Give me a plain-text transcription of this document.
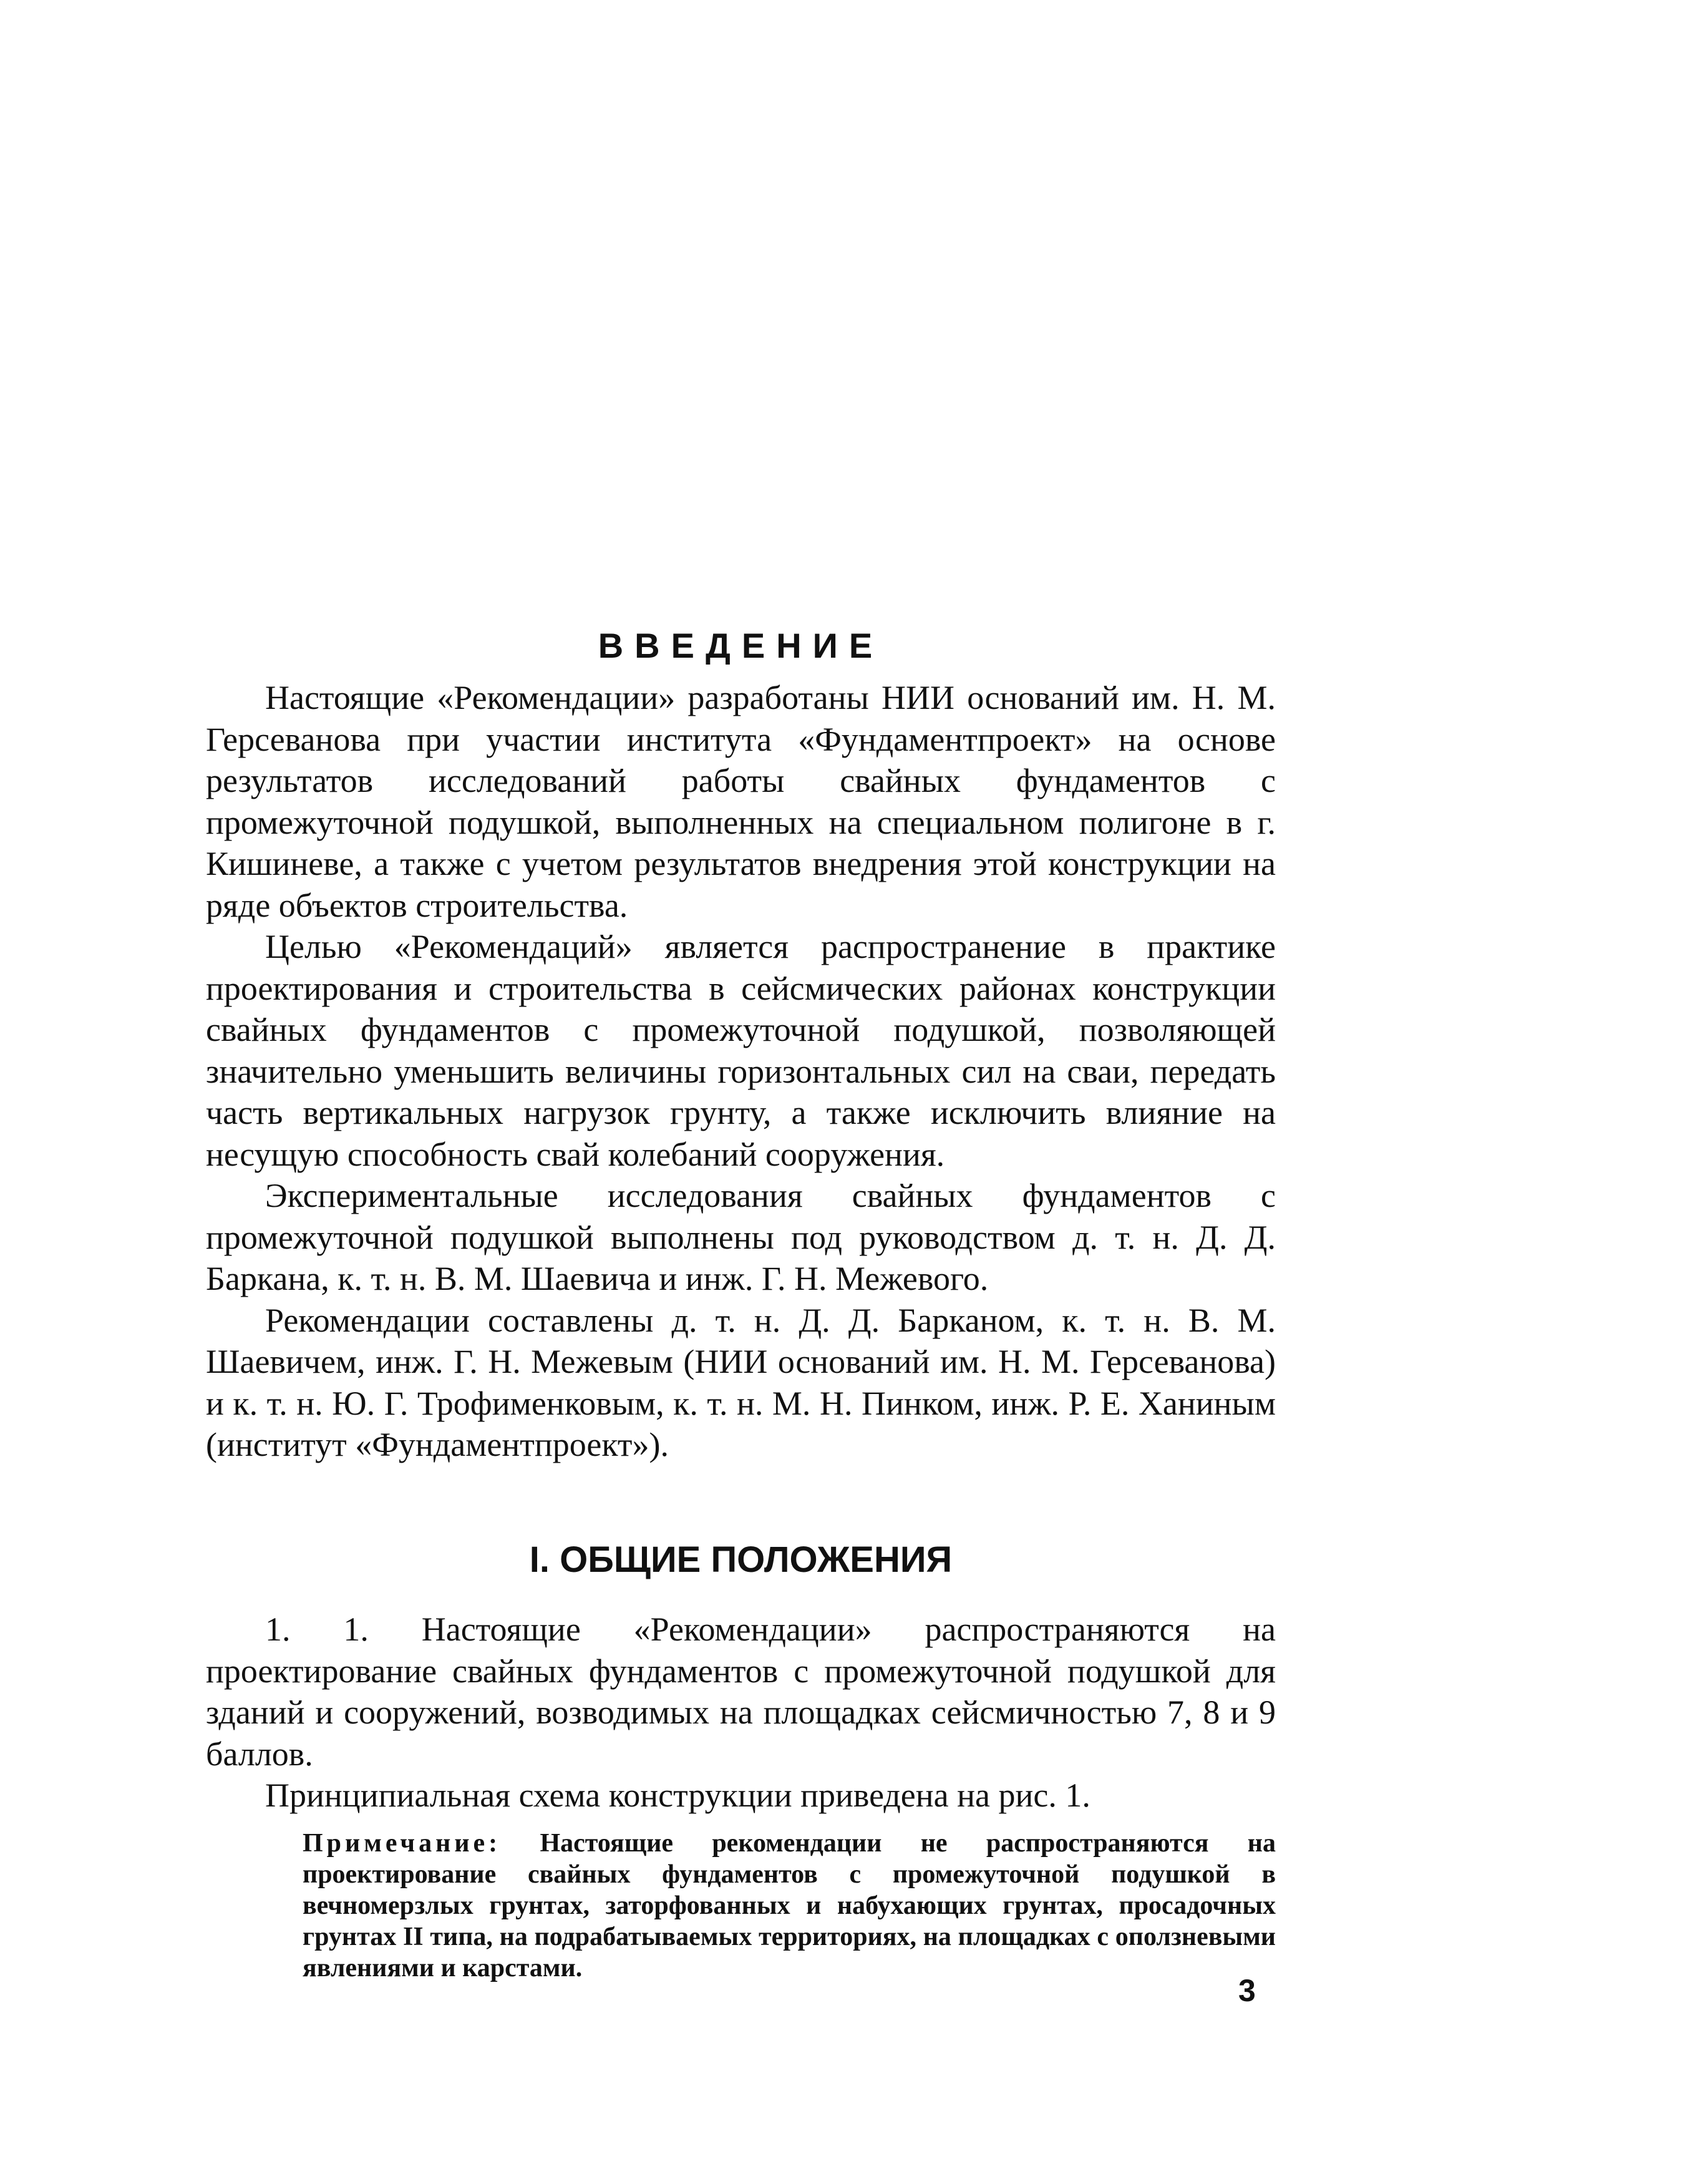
ВВЕДЕНИЕ

Настоящие «Рекомендации» разработаны НИИ оснований им. Н. М. Герсеванова при участии института «Фундаментпроект» на основе результатов исследований работы свайных фундаментов с промежуточной подушкой, выполненных на специальном полигоне в г. Кишиневе, а также с учетом результатов внедрения этой конструкции на ряде объектов строительства.

Целью «Рекомендаций» является распространение в практике проектирования и строительства в сейсмических районах конструкции свайных фундаментов с промежуточной подушкой, позволяющей значительно уменьшить величины горизонтальных сил на сваи, передать часть вертикальных нагрузок грунту, а также исключить влияние на несущую способность свай колебаний сооружения.

Экспериментальные исследования свайных фундаментов с промежуточной подушкой выполнены под руководством д. т. н. Д. Д. Баркана, к. т. н. В. М. Шаевича и инж. Г. Н. Межевого.

Рекомендации составлены д. т. н. Д. Д. Барканом, к. т. н. В. М. Шаевичем, инж. Г. Н. Межевым (НИИ оснований им. Н. М. Герсеванова) и к. т. н. Ю. Г. Трофименковым, к. т. н. М. Н. Пинком, инж. Р. Е. Ханиным (институт «Фундаментпроект»).

I. ОБЩИЕ ПОЛОЖЕНИЯ

1. 1. Настоящие «Рекомендации» распространяются на проектирование свайных фундаментов с промежуточной подушкой для зданий и сооружений, возводимых на площадках сейсмичностью 7, 8 и 9 баллов.

Принципиальная схема конструкции приведена на рис. 1.

Примечание: Настоящие рекомендации не распространяются на проектирование свайных фундаментов с промежуточной подушкой в вечномерзлых грунтах, заторфованных и набухающих грунтах, просадочных грунтах II типа, на подрабатываемых территориях, на площадках с оползневыми явлениями и карстами.

3
